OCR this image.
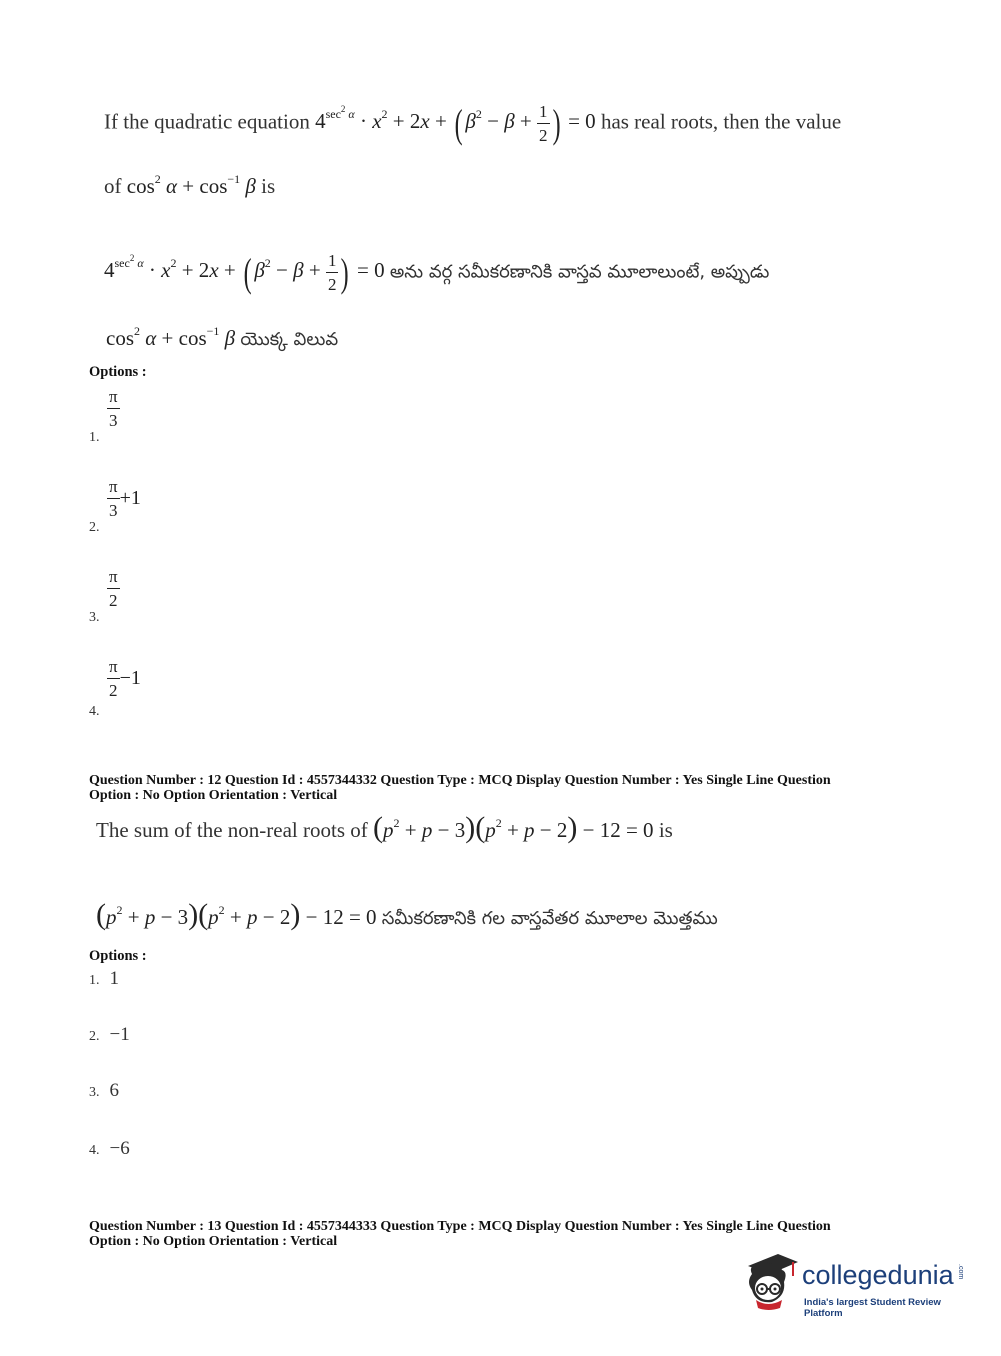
If the quadratic equation $4^{sec^2 \alpha} \cdot x^2 + 2x$ + ( $\beta^2 - \beta + \frac{1}{2}$ ) = 0 has real roots, then the value
of $\cos^2 \alpha + \cos^{-1} \beta$ is
$4^{sec^2 \alpha} \cdot x^2 + 2x$ + ( $\beta^2 - \beta + \frac{1}{2}$ ) = 0 అను వర్గ సమీకరణానికి వాస్తవ మూలాలుంటే, అప్పుడు
$\cos^2 \alpha + \cos^{-1} \beta$ యొక్క విలువ
Options :
1.
$\frac{\pi}{3}$
2.
$\frac{\pi}{3} +1$
3.
$\frac{\pi}{2}$
4.
$\frac{\pi}{2} -1$
Question Number : 12 Question Id : 4557344332 Question Type : MCQ Display Question Number : Yes Single Line Question
Option : No Option Orientation : Vertical
The sum of the non-real roots of $(p^2 + p - 3)(p^2 + p - 2) - 12 = 0$ is
$(p^2 + p - 3)(p^2 + p - 2) - 12 = 0$ సమీకరణానికి గల వాస్తవేతర మూలాల మొత్తము
Options :
1. 1
2. −1
3. 6
4. −6
Question Number : 13 Question Id : 4557344333 Question Type : MCQ Display Question Number : Yes Single Line Question
Option : No Option Orientation : Vertical
collegedunia .com
India's largest Student Review Platform
